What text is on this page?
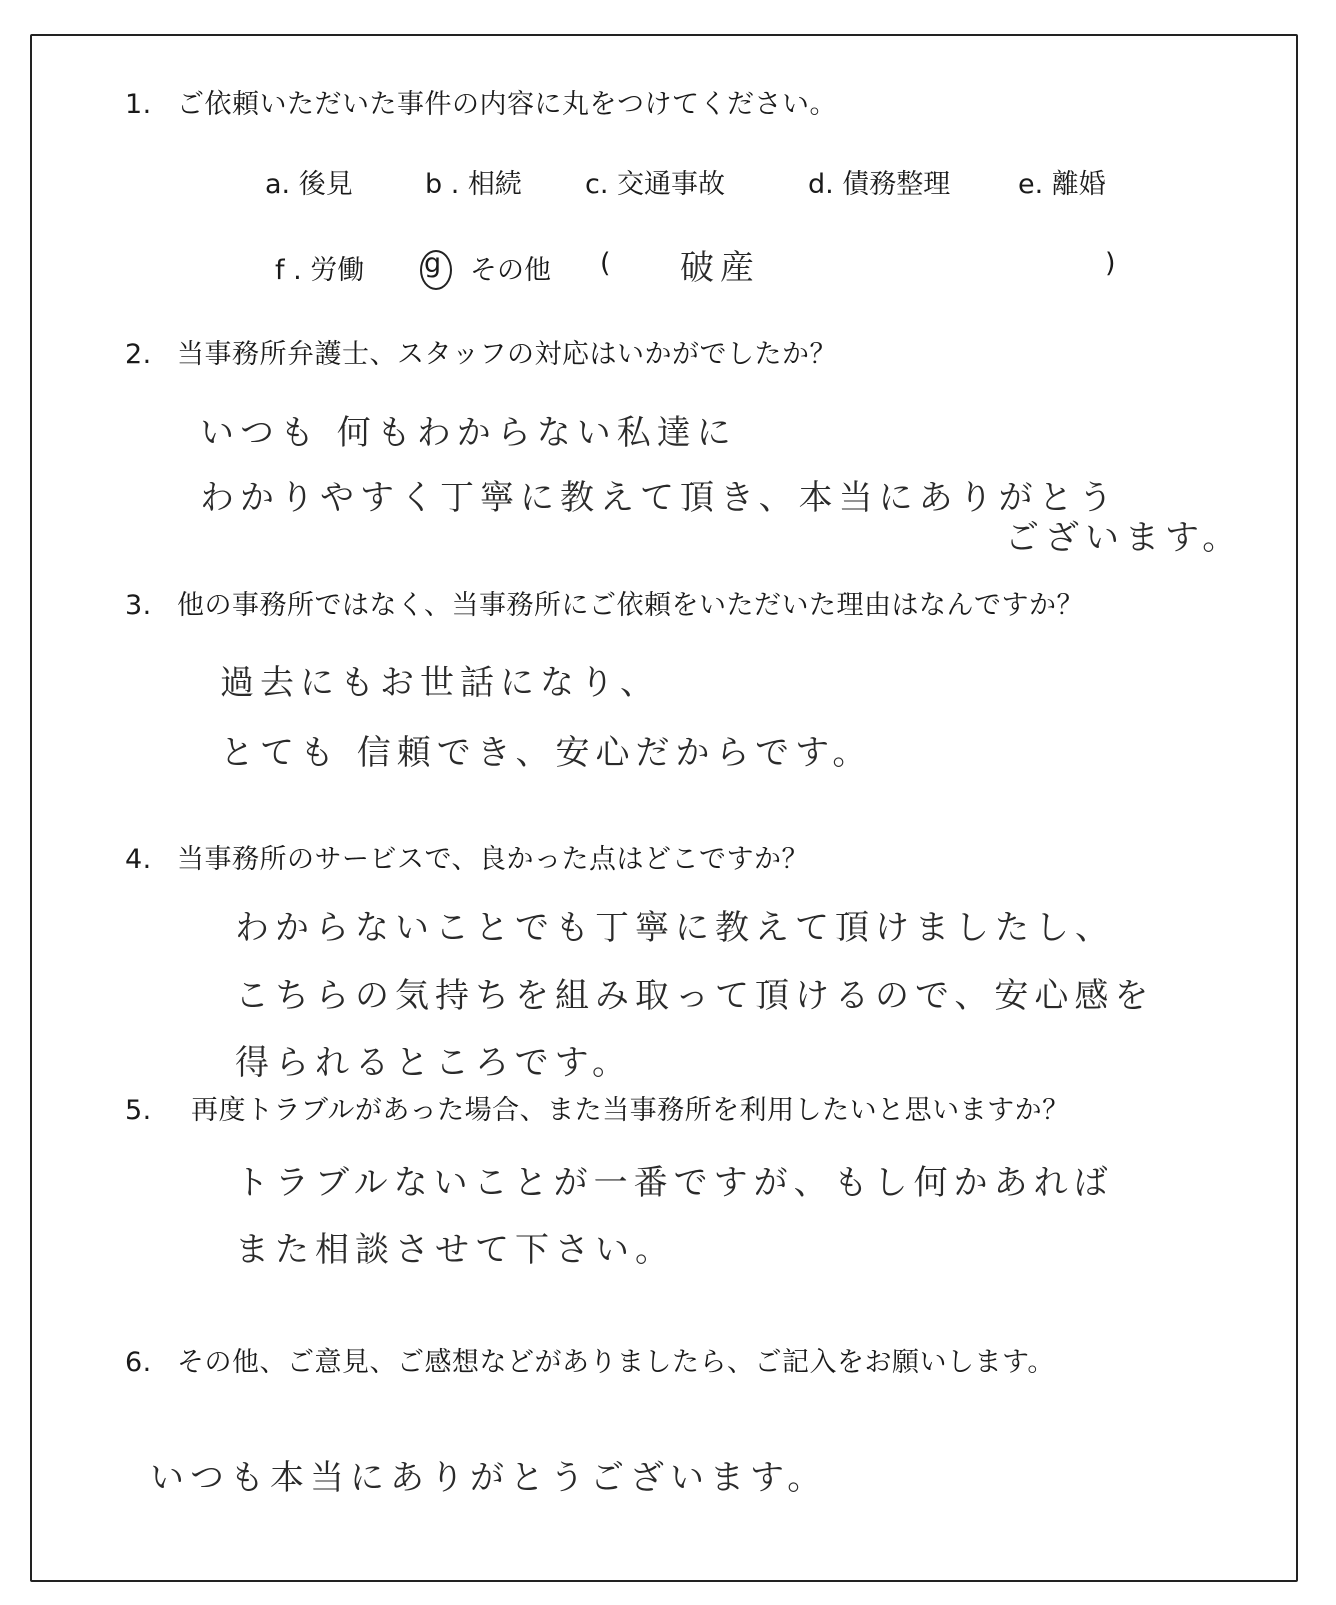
1. ご依頼いただいた事件の内容に丸をつけてください。
a. 後見	b . 相続 c. 交通事故	d. 債務整理	e. 離婚
f . 労働 g その他 ( 破産	)
2. 当事務所弁護士、スタッフの対応はいかがでしたか？
いつも 何もわからない私達に
わかりやすく丁寧に教えて頂き、本当にありがとう
ございます。
3. 他の事務所ではなく、当事務所にご依頼をいただいた理由はなんですか？
過去にもお世話になり、
とても 信頼でき、安心だからです。
4. 当事務所のサービスで、良かった点はどこですか？
わからないことでも丁寧に教えて頂けましたし、
こちらの気持ちを組み取って頂けるので、安心感を
得られるところです。
5. 再度トラブルがあった場合、また当事務所を利用したいと思いますか？
トラブルないことが一番ですが、もし何かあれば
また相談させて下さい。
6. その他、ご意見、ご感想などがありましたら、ご記入をお願いします。
いつも本当にありがとうございます。
